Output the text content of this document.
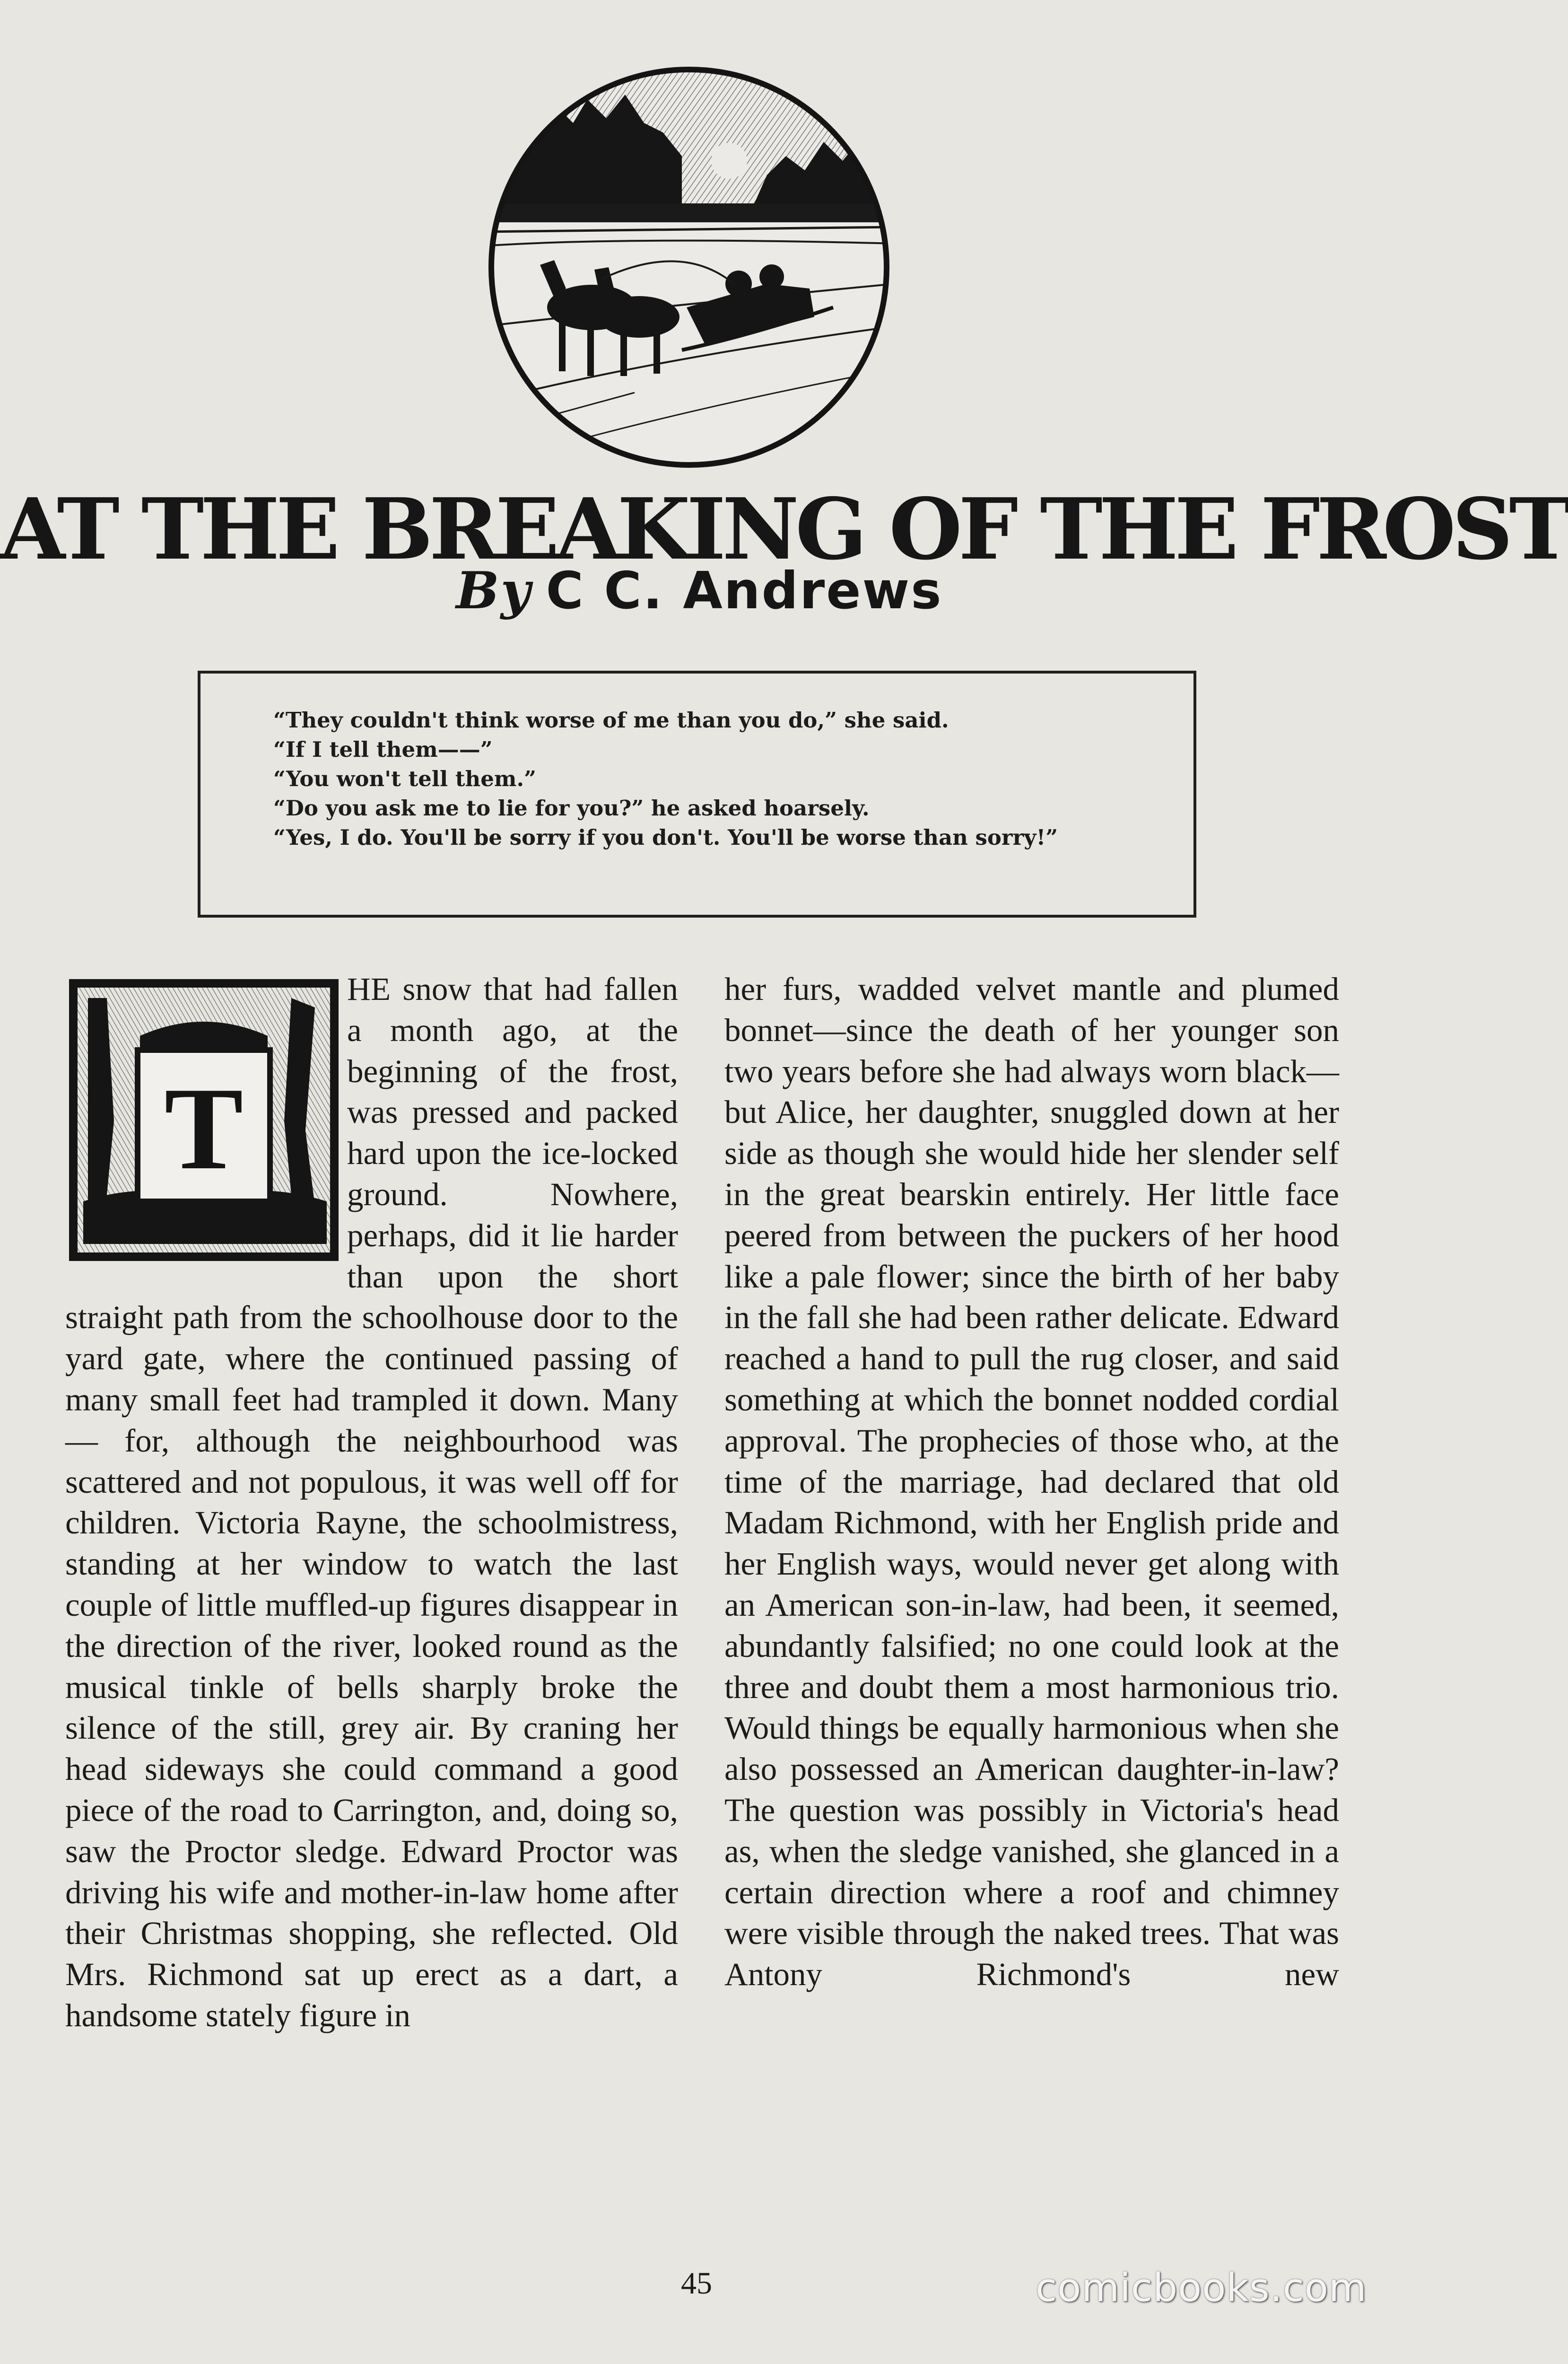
AT THE BREAKING OF THE FROST
By C C. Andrews

“They couldn't think worse of me than you do,” she said.

“If I tell them——”

“You won't tell them.”

“Do you ask me to lie for you?” he asked hoarsely.

“Yes, I do. You'll be sorry if you don't. You'll be worse than sorry!”

T

HE snow that had fallen a month ago, at the beginning of the frost, was pressed and packed hard upon the ice-locked ground. Nowhere, perhaps, did it lie harder than upon the short straight path from the schoolhouse door to the yard gate, where the continued passing of many small feet had trampled it down. Many — for, although the neighbourhood was scattered and not populous, it was well off for children. Victoria Rayne, the schoolmistress, standing at her window to watch the last couple of little muffled-up figures disappear in the direction of the river, looked round as the musical tinkle of bells sharply broke the silence of the still, grey air. By craning her head sideways she could command a good piece of the road to Carrington, and, doing so, saw the Proctor sledge. Edward Proctor was driving his wife and mother-in-law home after their Christmas shopping, she reflected. Old Mrs. Richmond sat up erect as a dart, a handsome stately figure in

her furs, wadded velvet mantle and plumed bonnet—since the death of her younger son two years before she had always worn black—but Alice, her daughter, snuggled down at her side as though she would hide her slender self in the great bearskin entirely. Her little face peered from between the puckers of her hood like a pale flower; since the birth of her baby in the fall she had been rather delicate. Edward reached a hand to pull the rug closer, and said something at which the bonnet nodded cordial approval. The prophecies of those who, at the time of the marriage, had declared that old Madam Richmond, with her English pride and her English ways, would never get along with an American son-in-law, had been, it seemed, abundantly falsified; no one could look at the three and doubt them a most harmonious trio. Would things be equally harmonious when she also possessed an American daughter-in-law? The question was possibly in Victoria's head as, when the sledge vanished, she glanced in a certain direction where a roof and chimney were visible through the naked trees. That was Antony Richmond's new

45	comicbooks.com
